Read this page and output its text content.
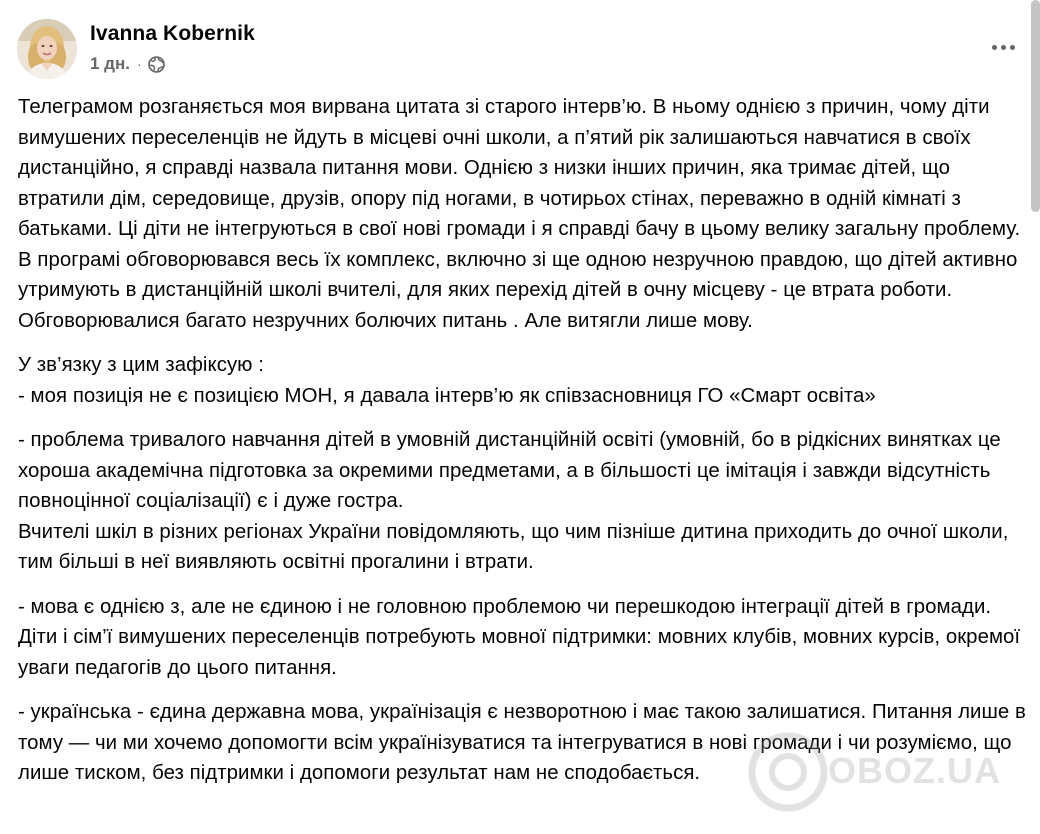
Ivanna Kobernik
1 дн. ·

Телеграмом розганяється моя вирвана цитата зі старого інтерв’ю. В ньому однією з причин, чому діти вимушених переселенців не йдуть в місцеві очні школи, а п’ятий рік залишаються навчатися в своїх дистанційно, я справді назвала питання мови. Однією з низки інших причин, яка тримає дітей, що втратили дім, середовище, друзів, опору під ногами, в чотирьох стінах, переважно в одній кімнаті з батьками. Ці діти не інтегруються в свої нові громади і я справді бачу в цьому велику загальну проблему. В програмі обговорювався весь їх комплекс, включно зі ще одною незручною правдою, що дітей активно утримують в дистанційній школі вчителі, для яких перехід дітей в очну місцеву - це втрата роботи. Обговорювалися багато незручних болючих питань . Але витягли лише мову.

У зв’язку з цим зафіксую :

- моя позиція не є позицією МОН, я давала інтерв’ю як співзасновниця ГО «Смарт освіта»

- проблема тривалого навчання дітей в умовній дистанційній освіті (умовній, бо в рідкісних винятках це хороша академічна підготовка за окремими предметами, а в більшості це імітація і завжди відсутність повноцінної соціалізації) є і дуже гостра.

Вчителі шкіл в різних регіонах України повідомляють, що чим пізніше дитина приходить до очної школи, тим більші в неї виявляють освітні прогалини і втрати.

- мова є однією з, але не єдиною і не головною проблемою чи перешкодою інтеграції дітей в громади. Діти і сім’ї вимушених переселенців потребують мовної підтримки: мовних клубів, мовних курсів, окремої уваги педагогів до цього питання.

- українська - єдина державна мова, українізація є незворотною і має такою залишатися. Питання лише в тому — чи ми хочемо допомогти всім українізуватися та інтегруватися в нові громади і чи розуміємо, що лише тиском, без підтримки і допомоги результат нам не сподобається.	OBOZ.UA
